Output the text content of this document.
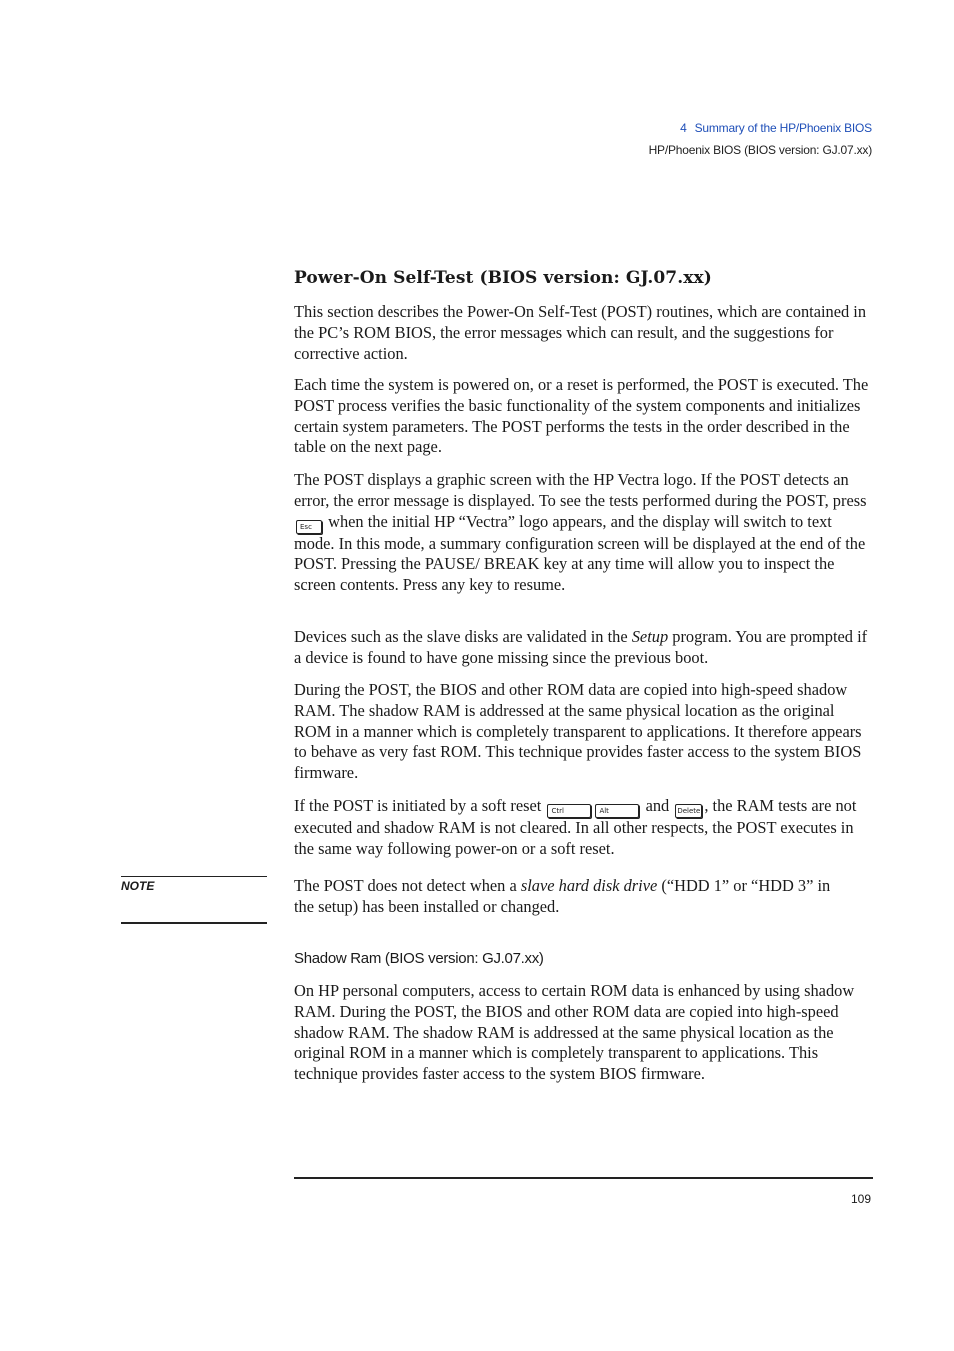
4 Summary of the HP/Phoenix BIOS
HP/Phoenix BIOS (BIOS version: GJ.07.xx)
Power-On Self-Test (BIOS version: GJ.07.xx)

This section describes the Power-On Self-Test (POST) routines, which are contained in the PC’s ROM BIOS, the error messages which can result, and the suggestions for corrective action.

Each time the system is powered on, or a reset is performed, the POST is executed. The POST process verifies the basic functionality of the system components and initializes certain system parameters. The POST performs the tests in the order described in the table on the next page.

The POST displays a graphic screen with the HP Vectra logo. If the POST detects an error, the error message is displayed. To see the tests performed during the POST, press Esc when the initial HP “Vectra” logo appears, and the display will switch to text mode. In this mode, a summary configuration screen will be displayed at the end of the POST. Pressing the PAUSE/ BREAK key at any time will allow you to inspect the screen contents. Press any key to resume.

Devices such as the slave disks are validated in the Setup program. You are prompted if a device is found to have gone missing since the previous boot.

During the POST, the BIOS and other ROM data are copied into high-speed shadow RAM. The shadow RAM is addressed at the same physical location as the original ROM in a manner which is completely transparent to applications. It therefore appears to behave as very fast ROM. This technique provides faster access to the system BIOS firmware.

If the POST is initiated by a soft reset Ctrl	Alt and Delete , the RAM tests are not executed and shadow RAM is not cleared. In all other respects, the POST executes in the same way following power-on or a soft reset.

NOTE	The POST does not detect when a slave hard disk drive (“HDD 1” or “HDD 3” in the setup) has been installed or changed.

Shadow Ram (BIOS version: GJ.07.xx)

On HP personal computers, access to certain ROM data is enhanced by using shadow RAM. During the POST, the BIOS and other ROM data are copied into high-speed shadow RAM. The shadow RAM is addressed at the same physical location as the original ROM in a manner which is completely transparent to applications. This technique provides faster access to the system BIOS firmware.

109
